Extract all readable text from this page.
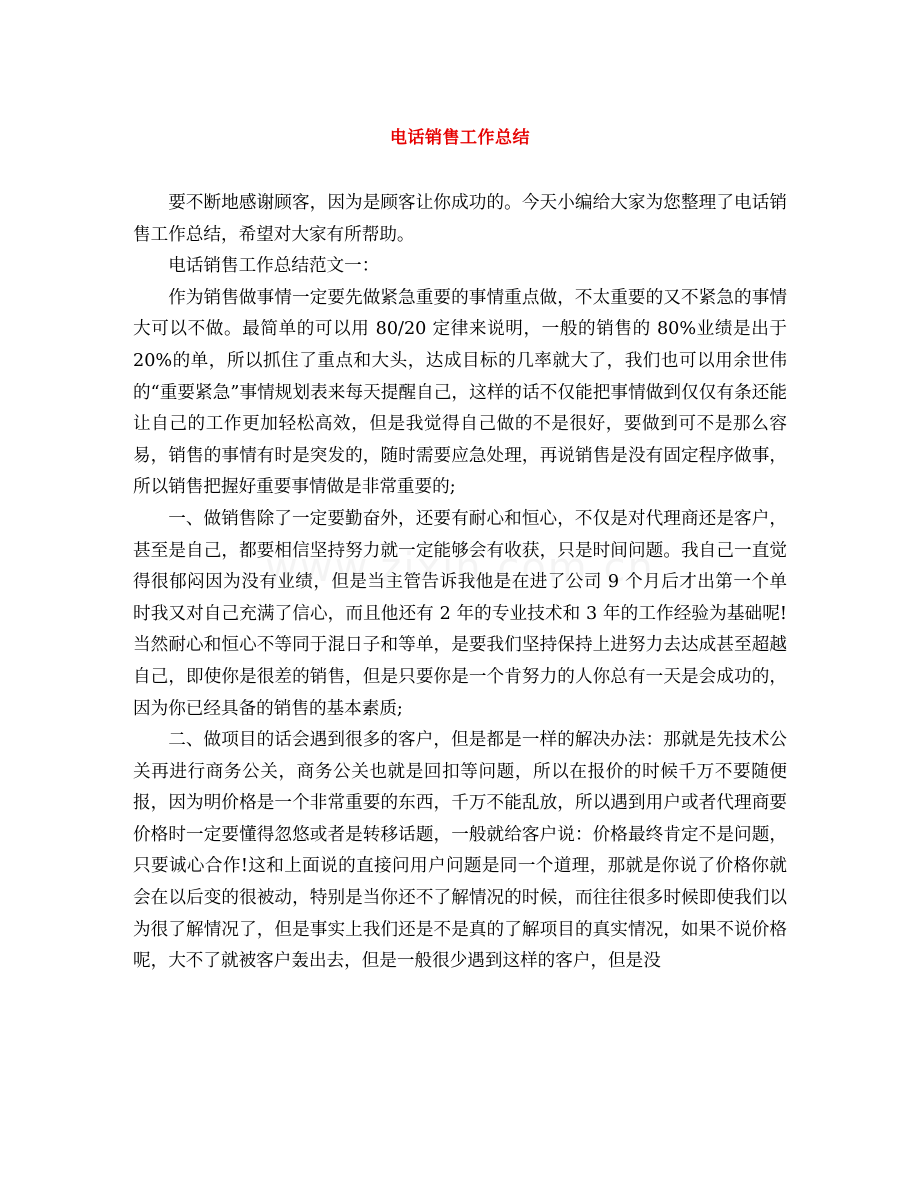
电话销售工作总结

要不断地感谢顾客，因为是顾客让你成功的。今天小编给大家为您整理了电话销售工作总结，希望对大家有所帮助。

电话销售工作总结范文一：

作为销售做事情一定要先做紧急重要的事情重点做，不太重要的又不紧急的事情大可以不做。最简单的可以用 80/20 定律来说明，一般的销售的 80%业绩是出于 20%的单，所以抓住了重点和大头，达成目标的几率就大了，我们也可以用余世伟的“重要紧急”事情规划表来每天提醒自己，这样的话不仅能把事情做到仅仅有条还能让自己的工作更加轻松高效，但是我觉得自己做的不是很好，要做到可不是那么容易，销售的事情有时是突发的，随时需要应急处理，再说销售是没有固定程序做事，所以销售把握好重要事情做是非常重要的;

一、做销售除了一定要勤奋外，还要有耐心和恒心，不仅是对代理商还是客户，甚至是自己，都要相信坚持努力就一定能够会有收获，只是时间问题。我自己一直觉得很郁闷因为没有业绩，但是当主管告诉我他是在进了公司 9 个月后才出第一个单时我又对自己充满了信心，而且他还有 2 年的专业技术和 3 年的工作经验为基础呢!当然耐心和恒心不等同于混日子和等单，是要我们坚持保持上进努力去达成甚至超越自己，即使你是很差的销售，但是只要你是一个肯努力的人你总有一天是会成功的，因为你已经具备的销售的基本素质;

二、做项目的话会遇到很多的客户，但是都是一样的解决办法：那就是先技术公关再进行商务公关，商务公关也就是回扣等问题，所以在报价的时候千万不要随便报，因为明价格是一个非常重要的东西，千万不能乱放，所以遇到用户或者代理商要价格时一定要懂得忽悠或者是转移话题，一般就给客户说：价格最终肯定不是问题，只要诚心合作!这和上面说的直接问用户问题是同一个道理，那就是你说了价格你就会在以后变的很被动，特别是当你还不了解情况的时候，而往往很多时候即使我们以为很了解情况了，但是事实上我们还是不是真的了解项目的真实情况，如果不说价格呢，大不了就被客户轰出去，但是一般很少遇到这样的客户，但是没
